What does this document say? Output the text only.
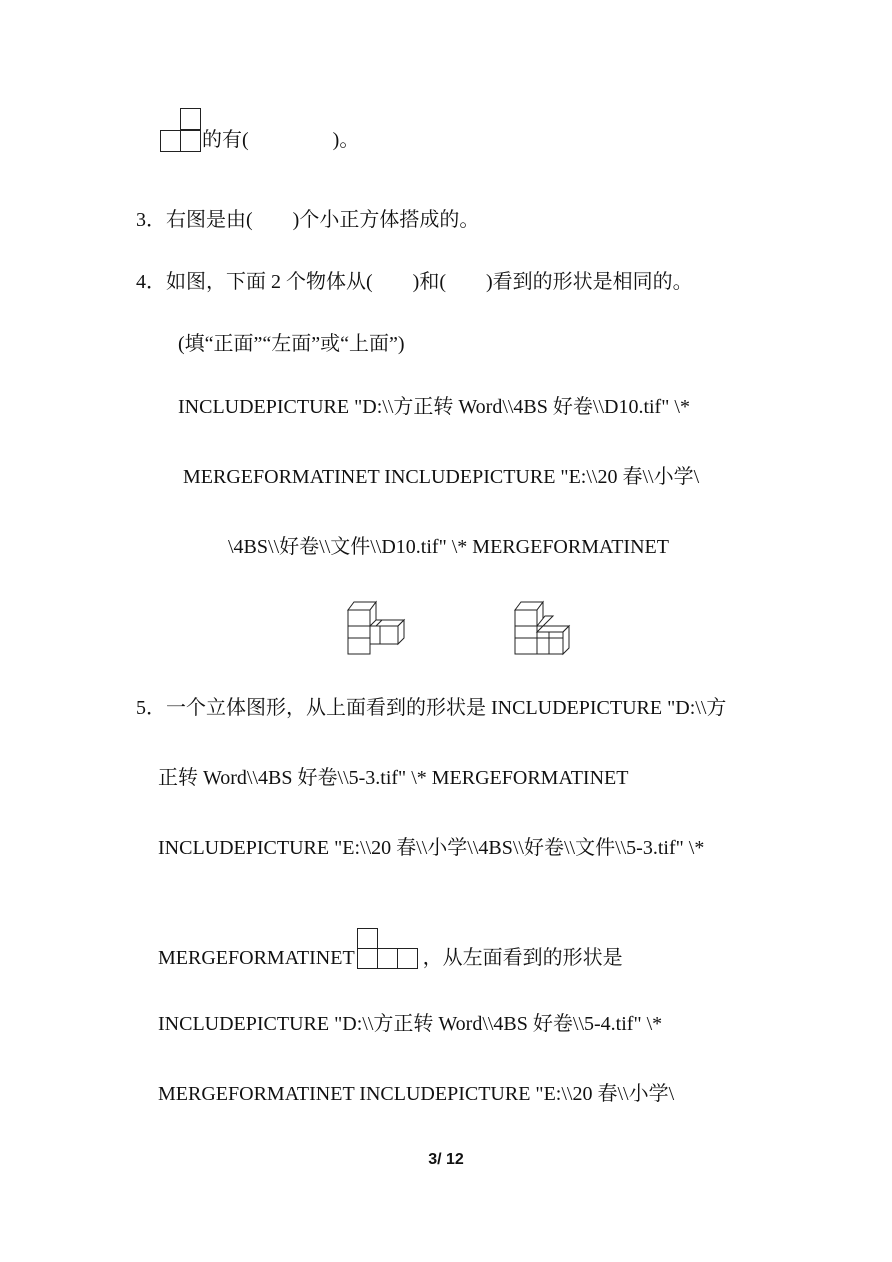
的有(	)。
3．右图是由( )个小正方体搭成的。
4．如图，下面 2 个物体从( )和( )看到的形状是相同的。
(填“正面”“左面”或“上面”)
INCLUDEPICTURE "D:\\方正转 Word\\4BS 好卷\\D10.tif" \*
MERGEFORMATINET INCLUDEPICTURE "E:\\20 春\\小学\
\4BS\\好卷\\文件\\D10.tif" \* MERGEFORMATINET
5．一个立体图形，从上面看到的形状是 INCLUDEPICTURE "D:\\方
正转 Word\\4BS 好卷\\5-3.tif" \* MERGEFORMATINET
INCLUDEPICTURE "E:\\20 春\\小学\\4BS\\好卷\\文件\\5-3.tif" \*
MERGEFORMATINET	，从左面看到的形状是
INCLUDEPICTURE "D:\\方正转 Word\\4BS 好卷\\5-4.tif" \*
MERGEFORMATINET INCLUDEPICTURE "E:\\20 春\\小学\
3/ 12
